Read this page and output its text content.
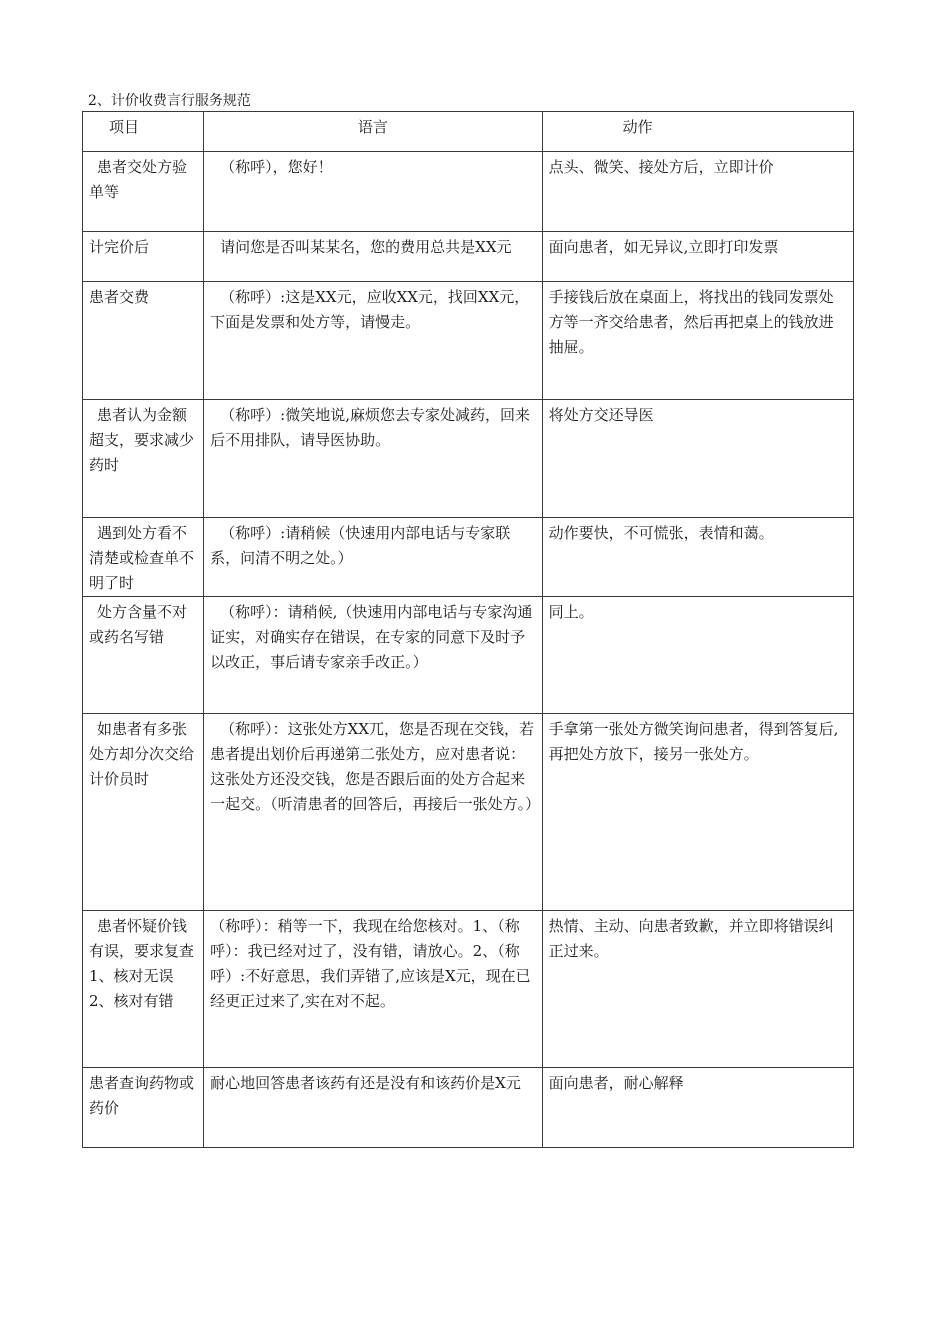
2、计价收费言行服务规范
项目	语言	动作
患者交处方验单等	（称呼），您好！	点头、微笑、接处方后，立即计价
计完价后	请问您是否叫某某名，您的费用总共是XX元	面向患者，如无异议,立即打印发票
患者交费	（称呼）:这是XX元，应收XX元，找回XX元，下面是发票和处方等，请慢走。	手接钱后放在桌面上，将找出的钱同发票处方等一齐交给患者，然后再把桌上的钱放进抽屉。
患者认为金额超支，要求减少药时	（称呼）:微笑地说,麻烦您去专家处减药，回来后不用排队，请导医协助。	将处方交还导医
遇到处方看不清楚或检查单不明了时	（称呼）:请稍候（快速用内部电话与专家联系，问清不明之处。）	动作要快，不可慌张，表情和蔼。
处方含量不对或药名写错	（称呼）：请稍候,（快速用内部电话与专家沟通证实，对确实存在错误，在专家的同意下及时予以改正，事后请专家亲手改正。）	同上。
如患者有多张处方却分次交给计价员时	（称呼）：这张处方XX兀，您是否现在交钱，若患者提出划价后再递第二张处方，应对患者说：这张处方还没交钱，您是否跟后面的处方合起来一起交。（听清患者的回答后，再接后一张处方。）	手拿第一张处方微笑询问患者，得到答复后,再把处方放下，接另一张处方。
患者怀疑价钱有误，要求复查1、核对无误2、核对有错	（称呼）：稍等一下，我现在给您核对。1、（称呼）：我已经对过了，没有错，请放心。2、（称呼）:不好意思，我们弄错了,应该是X元，现在已经更正过来了,实在对不起。	热情、主动、向患者致歉，并立即将错误纠正过来。
患者查询药物或药价	耐心地回答患者该药有还是没有和该药价是X元	面向患者，耐心解释
